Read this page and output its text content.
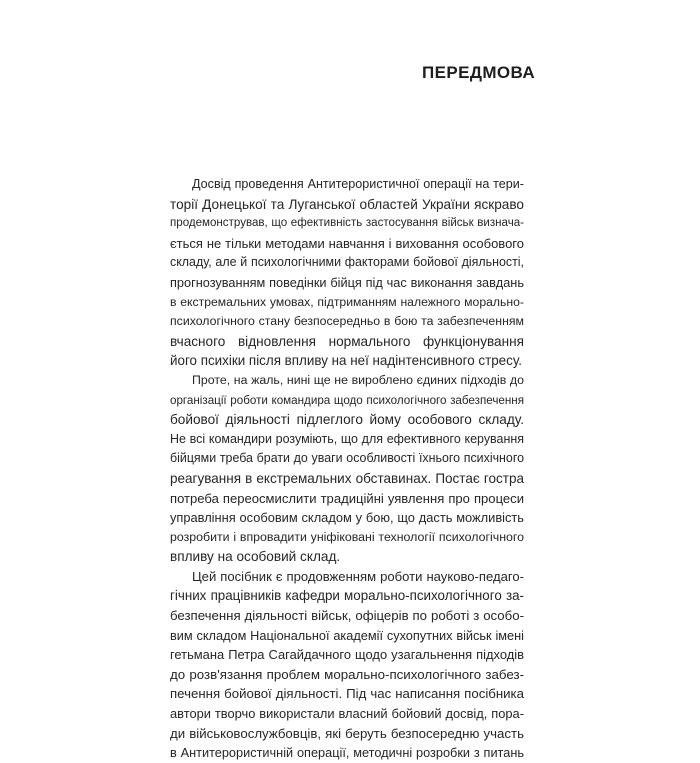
ПЕРЕДМОВА

Досвід проведення Антитерористичної операції на тери-
торії Донецької та Луганської областей України яскраво
продемонстрував, що ефективність застосування військ визнача-
ється не тільки методами навчання і виховання особового
складу, але й психологічними факторами бойової діяльності,
прогнозуванням поведінки бійця під час виконання завдань
в екстремальних умовах, підтриманням належного морально-
психологічного стану безпосередньо в бою та забезпеченням
вчасного відновлення нормального функціонування
його психіки після впливу на неї надінтенсивного стресу.

Проте, на жаль, нині ще не вироблено єдиних підходів до
організації роботи командира щодо психологічного забезпечення
бойової діяльності підлеглого йому особового складу.
Не всі командири розуміють, що для ефективного керування
бійцями треба брати до уваги особливості їхнього психічного
реагування в екстремальних обставинах. Постає гостра
потреба переосмислити традиційні уявлення про процеси
управління особовим складом у бою, що дасть можливість
розробити і впровадити уніфіковані технології психологічного
впливу на особовий склад.

Цей посібник є продовженням роботи науково-педаго-
гічних працівників кафедри морально-психологічного за-
безпечення діяльності військ, офіцерів по роботі з особо-
вим складом Національної академії сухопутних військ імені
гетьмана Петра Сагайдачного щодо узагальнення підходів
до розв'язання проблем морально-психологічного забез-
печення бойової діяльності. Під час написання посібника
автори творчо використали власний бойовий досвід, пора-
ди військовослужбовців, які беруть безпосередню участь
в Антитерористичній операції, методичні розробки з питань
